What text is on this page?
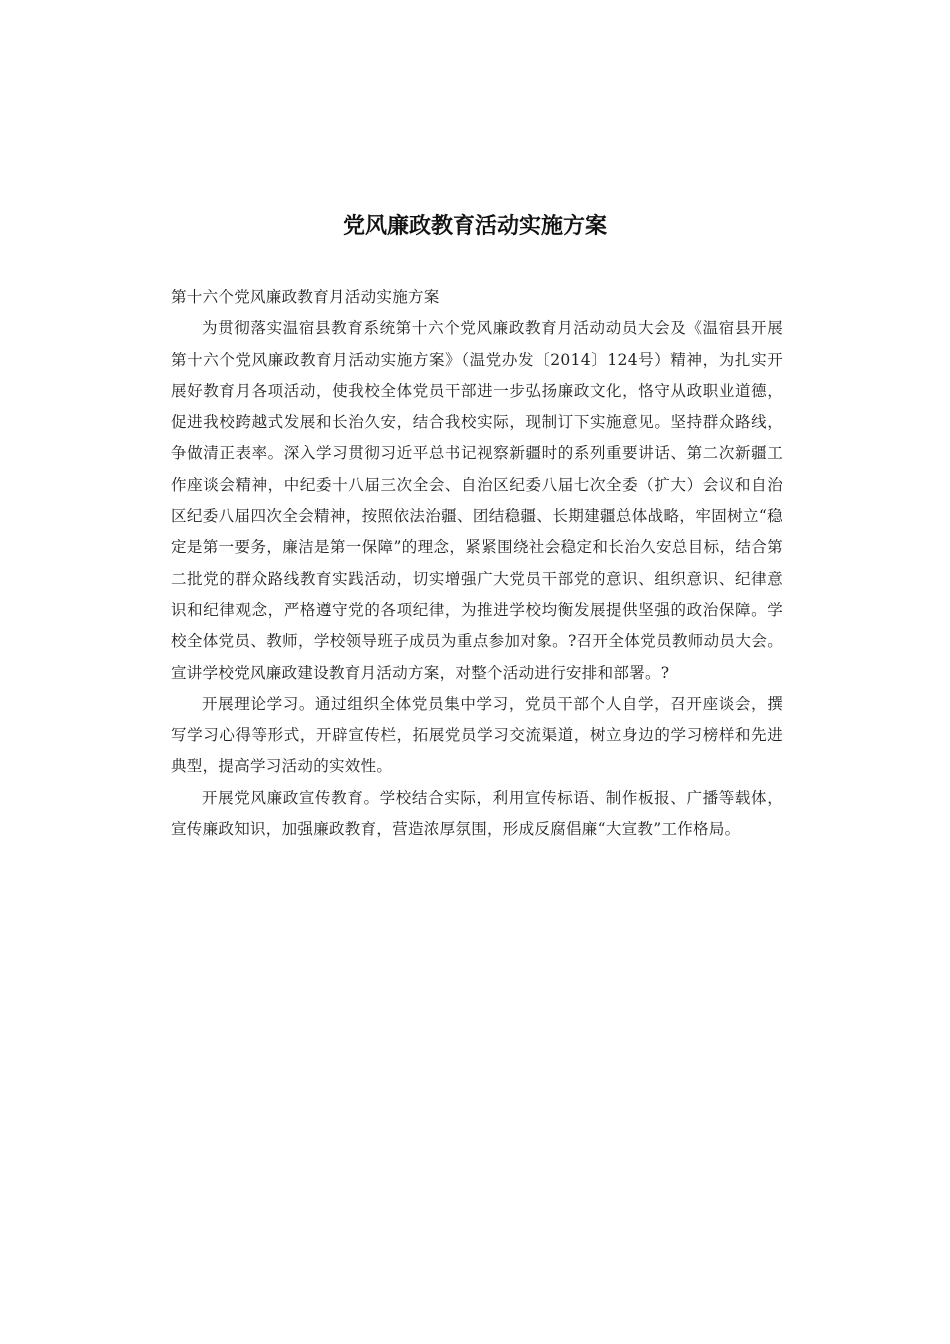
党风廉政教育活动实施方案

第十六个党风廉政教育月活动实施方案

为贯彻落实温宿县教育系统第十六个党风廉政教育月活动动员大会及《温宿县开展第十六个党风廉政教育月活动实施方案》（温党办发〔2014〕124号）精神，为扎实开展好教育月各项活动，使我校全体党员干部进一步弘扬廉政文化，恪守从政职业道德，促进我校跨越式发展和长治久安，结合我校实际，现制订下实施意见。坚持群众路线，争做清正表率。深入学习贯彻习近平总书记视察新疆时的系列重要讲话、第二次新疆工作座谈会精神，中纪委十八届三次全会、自治区纪委八届七次全委（扩大）会议和自治区纪委八届四次全会精神，按照依法治疆、团结稳疆、长期建疆总体战略，牢固树立“稳定是第一要务，廉洁是第一保障”的理念，紧紧围绕社会稳定和长治久安总目标，结合第二批党的群众路线教育实践活动，切实增强广大党员干部党的意识、组织意识、纪律意识和纪律观念，严格遵守党的各项纪律，为推进学校均衡发展提供坚强的政治保障。学校全体党员、教师，学校领导班子成员为重点参加对象。?召开全体党员教师动员大会。宣讲学校党风廉政建设教育月活动方案，对整个活动进行安排和部署。?

开展理论学习。通过组织全体党员集中学习，党员干部个人自学，召开座谈会，撰写学习心得等形式，开辟宣传栏，拓展党员学习交流渠道，树立身边的学习榜样和先进典型，提高学习活动的实效性。

开展党风廉政宣传教育。学校结合实际，利用宣传标语、制作板报、广播等载体，宣传廉政知识，加强廉政教育，营造浓厚氛围，形成反腐倡廉“大宣教”工作格局。
